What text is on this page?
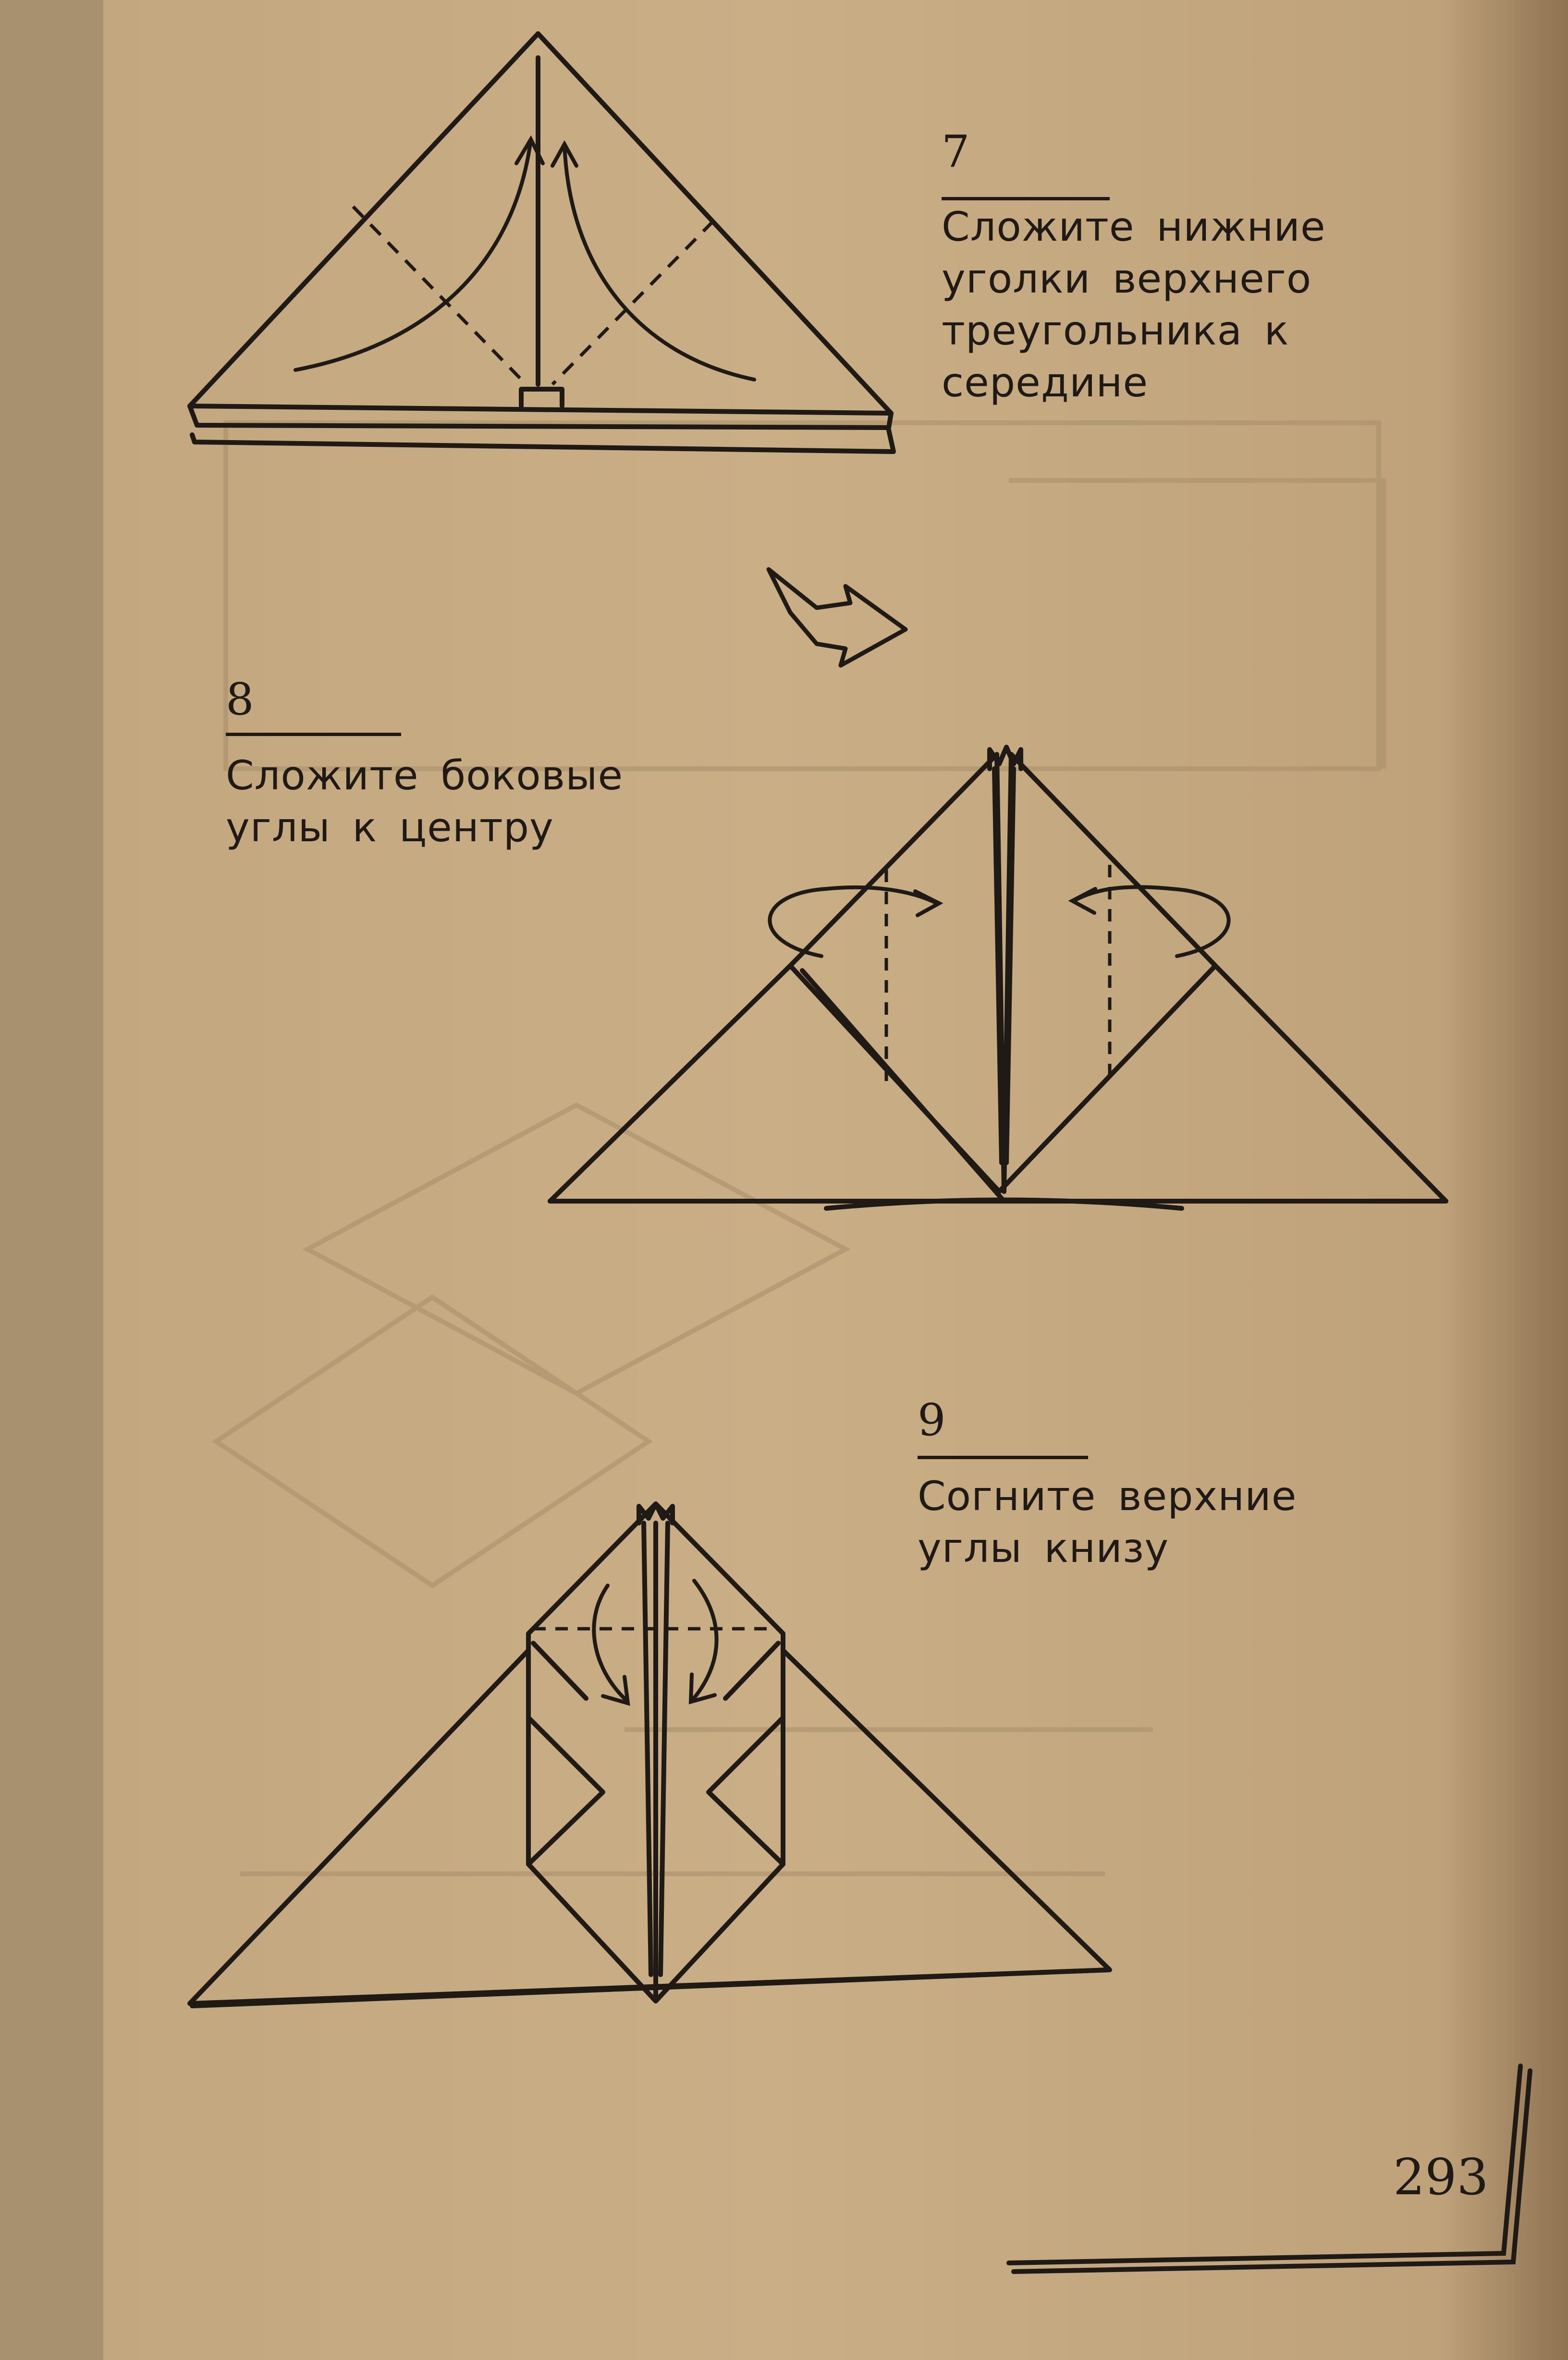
7
Сложите нижние
уголки верхнего
треугольника к
середине
8
Сложите боковые
углы к центру
9
Согните верхние
углы книзу
293
